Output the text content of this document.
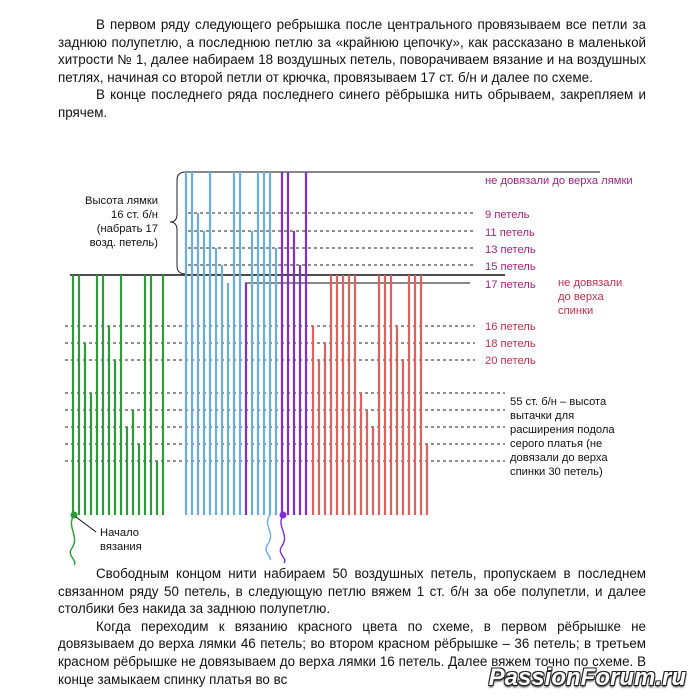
В первом ряду следующего ребрышка после центрального провязываем все петли за заднюю полупетлю, а последнюю петлю за «крайнюю цепочку», как рассказано в маленькой хитрости № 1, далее набираем 18 воздушных петель, поворачиваем вязание и на воздушных петлях, начиная со второй петли от крючка, провязываем 17 ст. б/н и далее по схеме.

В конце последнего ряда последнего синего рёбрышка нить обрываем, закрепляем и прячем.

Высота лямки
16 ст. б/н
(набрать 17
возд. петель)
Начало
вязания
не довязали до верха лямки
9 петель
11 петель
13 петель
15 петель
17 петель не довязали
до верха
спинки
16 петель
18 петель
20 петель
55 ст. б/н – высота
вытачки для
расширения подола
серого платья (не
довязали до верха
спинки 30 петель)

Свободным концом нити набираем 50 воздушных петель, пропускаем в последнем связанном ряду 50 петель, в следующую петлю вяжем 1 ст. б/н за обе полупетли, и далее столбики без накида за заднюю полупетлю.

Когда переходим к вязанию красного цвета по схеме, в первом рёбрышке не довязываем до верха лямки 46 петель; во втором красном рёбрышке – 36 петель; в третьем красном рёбрышке не довязываем до верха лямки 16 петель. Далее вяжем точно по схеме. В конце замыкаем спинку платья во вс	PassionForum.ru
